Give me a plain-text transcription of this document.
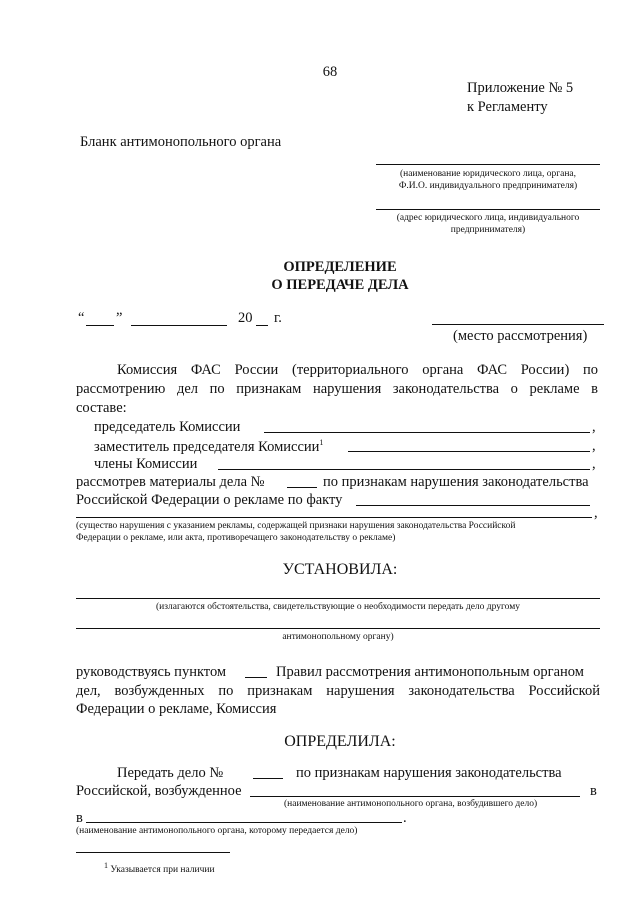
68
Приложение № 5
к Регламенту
Бланк антимонопольного органа
(наименование юридического лица, органа,
Ф.И.О. индивидуального предпринимателя)
(адрес юридического лица, индивидуального
предпринимателя)
ОПРЕДЕЛЕНИЕ
О ПЕРЕДАЧЕ ДЕЛА
“ ”	20 г.
(место рассмотрения)
Комиссия ФАС России (территориального органа ФАС России) по
рассмотрению дел по признакам нарушения законодательства о рекламе в
составе:
председатель Комиссии	,
заместитель председателя Комиссии$^1$	,
члены Комиссии	,
рассмотрев материалы дела №	по признакам нарушения законодательства
Российской Федерации о рекламе по факту
,
(существо нарушения с указанием рекламы, содержащей признаки нарушения законодательства Российской
Федерации о рекламе, или акта, противоречащего законодательству о рекламе)
УСТАНОВИЛА:
(излагаются обстоятельства, свидетельствующие о необходимости передать дело другому
антимонопольному органу)
руководствуясь пунктом	Правил рассмотрения антимонопольным органом
дел, возбужденных по признакам нарушения законодательства Российской
Федерации о рекламе, Комиссия
ОПРЕДЕЛИЛА:
Передать дело №	по признакам нарушения законодательства
Российской, возбужденное	в
(наименование антимонопольного органа, возбудившего дело)
в	.
(наименование антимонопольного органа, которому передается дело)
$^1$ Указывается при наличии
